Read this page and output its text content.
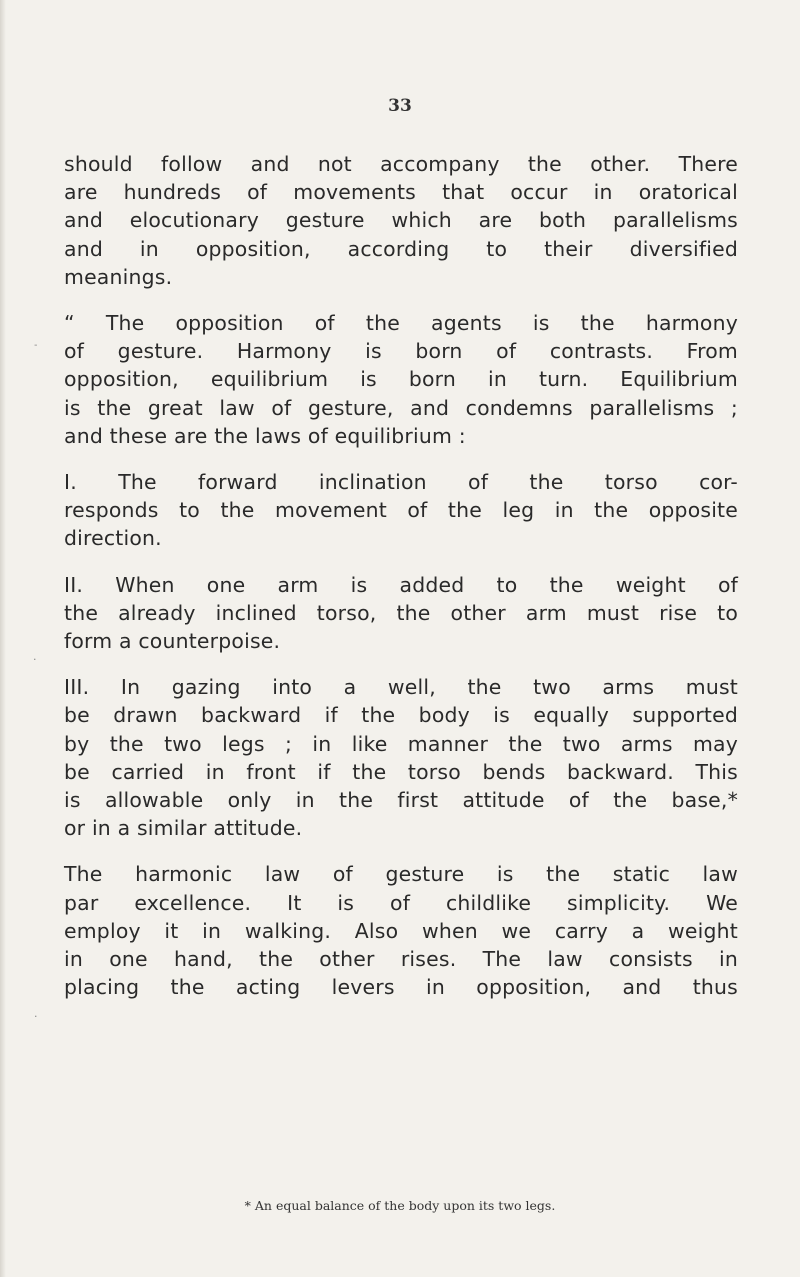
33

should follow and not accompany the other. There

are hundreds of movements that occur in oratorical

and elocutionary gesture which are both parallelisms

and in opposition, according to their diversified

meanings.

“ The opposition of the agents is the harmony

of gesture. Harmony is born of contrasts. From

opposition, equilibrium is born in turn. Equilibrium

is the great law of gesture, and condemns parallelisms ;

and these are the laws of equilibrium :

I. The forward inclination of the torso cor-

responds to the movement of the leg in the opposite

direction.

II. When one arm is added to the weight of

the already inclined torso, the other arm must rise to

form a counterpoise.

III. In gazing into a well, the two arms must

be drawn backward if the body is equally supported

by the two legs ; in like manner the two arms may

be carried in front if the torso bends backward. This

is allowable only in the first attitude of the base,*

or in a similar attitude.

The harmonic law of gesture is the static law

par excellence. It is of childlike simplicity. We

employ it in walking. Also when we carry a weight

in one hand, the other rises. The law consists in

placing the acting levers in opposition, and thus

* An equal balance of the body upon its two legs.
˗
·
·
